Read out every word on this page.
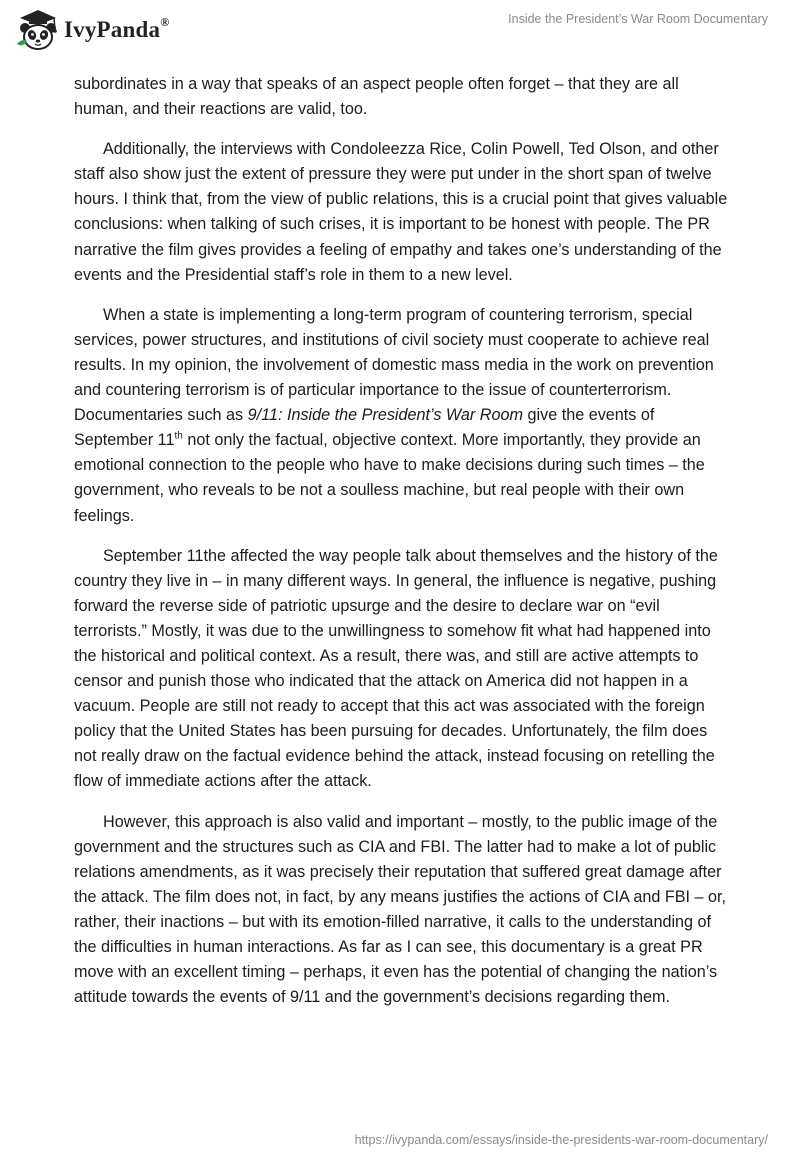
IvyPanda®	Inside the President’s War Room Documentary

subordinates in a way that speaks of an aspect people often forget – that they are all human, and their reactions are valid, too.

Additionally, the interviews with Condoleezza Rice, Colin Powell, Ted Olson, and other staff also show just the extent of pressure they were put under in the short span of twelve hours. I think that, from the view of public relations, this is a crucial point that gives valuable conclusions: when talking of such crises, it is important to be honest with people. The PR narrative the film gives provides a feeling of empathy and takes one’s understanding of the events and the Presidential staff’s role in them to a new level.

When a state is implementing a long-term program of countering terrorism, special services, power structures, and institutions of civil society must cooperate to achieve real results. In my opinion, the involvement of domestic mass media in the work on prevention and countering terrorism is of particular importance to the issue of counterterrorism. Documentaries such as 9/11: Inside the President’s War Room give the events of September 11th not only the factual, objective context. More importantly, they provide an emotional connection to the people who have to make decisions during such times – the government, who reveals to be not a soulless machine, but real people with their own feelings.

September 11the affected the way people talk about themselves and the history of the country they live in – in many different ways. In general, the influence is negative, pushing forward the reverse side of patriotic upsurge and the desire to declare war on “evil terrorists.” Mostly, it was due to the unwillingness to somehow fit what had happened into the historical and political context. As a result, there was, and still are active attempts to censor and punish those who indicated that the attack on America did not happen in a vacuum. People are still not ready to accept that this act was associated with the foreign policy that the United States has been pursuing for decades. Unfortunately, the film does not really draw on the factual evidence behind the attack, instead focusing on retelling the flow of immediate actions after the attack.

However, this approach is also valid and important – mostly, to the public image of the government and the structures such as CIA and FBI. The latter had to make a lot of public relations amendments, as it was precisely their reputation that suffered great damage after the attack. The film does not, in fact, by any means justifies the actions of CIA and FBI – or, rather, their inactions – but with its emotion-filled narrative, it calls to the understanding of the difficulties in human interactions. As far as I can see, this documentary is a great PR move with an excellent timing – perhaps, it even has the potential of changing the nation’s attitude towards the events of 9/11 and the government’s decisions regarding them.

https://ivypanda.com/essays/inside-the-presidents-war-room-documentary/
